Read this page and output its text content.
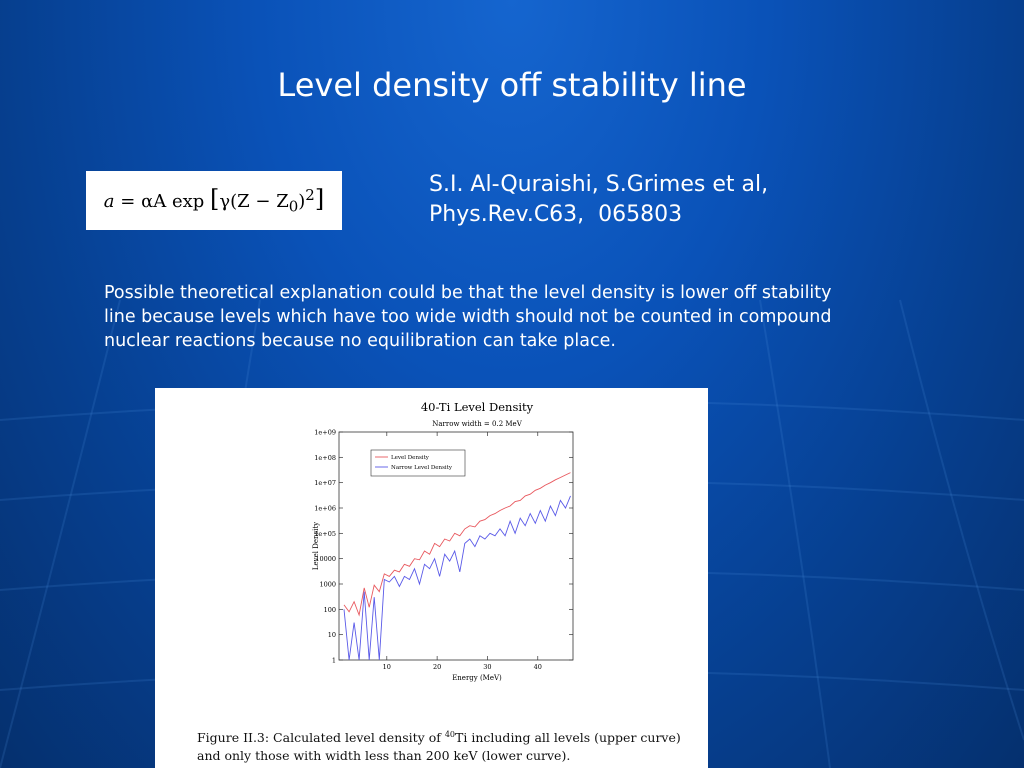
Level density off stability line
a = αA $\exp [\gamma(Z - Z_0)^2]$
S.I. Al-Quraishi, S.Grimes et al,
Phys.Rev.C63,  065803
Possible theoretical explanation could be that the level density is lower off stability line because levels which have too wide width should not be counted in compound nuclear reactions because no equilibration can take place.
40-Ti Level Density
Narrow width = 0.2 MeV
1
10
100
1000
10000
1e+05
1e+06
1e+07
1e+08
1e+09
10	20	30	40
Level Density
Narrow Level Density
Energy (MeV)
Level Density
Figure II.3: Calculated level density of $^{40}$Ti including all levels (upper curve) and only those with width less than 200 keV (lower curve).
